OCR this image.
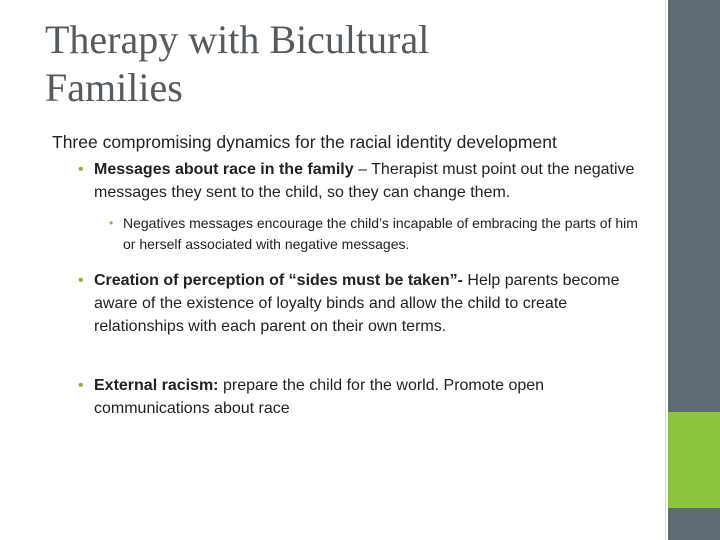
Therapy with Bicultural
Families

Three compromising dynamics for the racial identity development

• Messages about race in the family – Therapist must point out the negative messages they sent to the child, so they can change them.

• Negatives messages encourage the child’s incapable of embracing the parts of him or herself associated with negative messages.

• Creation of perception of “sides must be taken”- Help parents become aware of the existence of loyalty binds and allow the child to create relationships with each parent on their own terms.

• External racism: prepare the child for the world. Promote open communications about race
